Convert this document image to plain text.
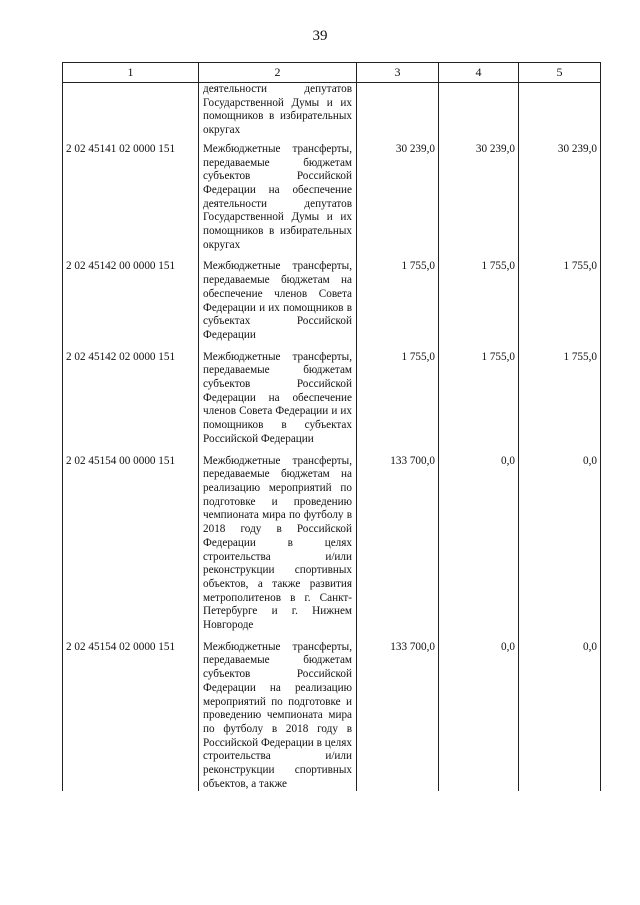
39
1	2	3	4	5
	деятельности депутатов Государственной Думы и их помощников в избирательных округах			
2 02 45141 02 0000 151	Межбюджетные трансферты, передаваемые бюджетам субъектов Российской Федерации на обеспечение деятельности депутатов Государственной Думы и их помощников в избирательных округах	30 239,0	30 239,0	30 239,0
2 02 45142 00 0000 151	Межбюджетные трансферты, передаваемые бюджетам на обеспечение членов Совета Федерации и их помощников в субъектах Российской Федерации	1 755,0	1 755,0	1 755,0
2 02 45142 02 0000 151	Межбюджетные трансферты, передаваемые бюджетам субъектов Российской Федерации на обеспечение членов Совета Федерации и их помощников в субъектах Российской Федерации	1 755,0	1 755,0	1 755,0
2 02 45154 00 0000 151	Межбюджетные трансферты, передаваемые бюджетам на реализацию мероприятий по подготовке и проведению чемпионата мира по футболу в 2018 году в Российской Федерации в целях строительства и/или реконструкции спортивных объектов, а также развития метрополитенов в г. Санкт-Петербурге и г. Нижнем Новгороде	133 700,0	0,0	0,0
2 02 45154 02 0000 151	Межбюджетные трансферты, передаваемые бюджетам субъектов Российской Федерации на реализацию мероприятий по подготовке и проведению чемпионата мира по футболу в 2018 году в Российской Федерации в целях строительства и/или реконструкции спортивных объектов, а также	133 700,0	0,0	0,0
